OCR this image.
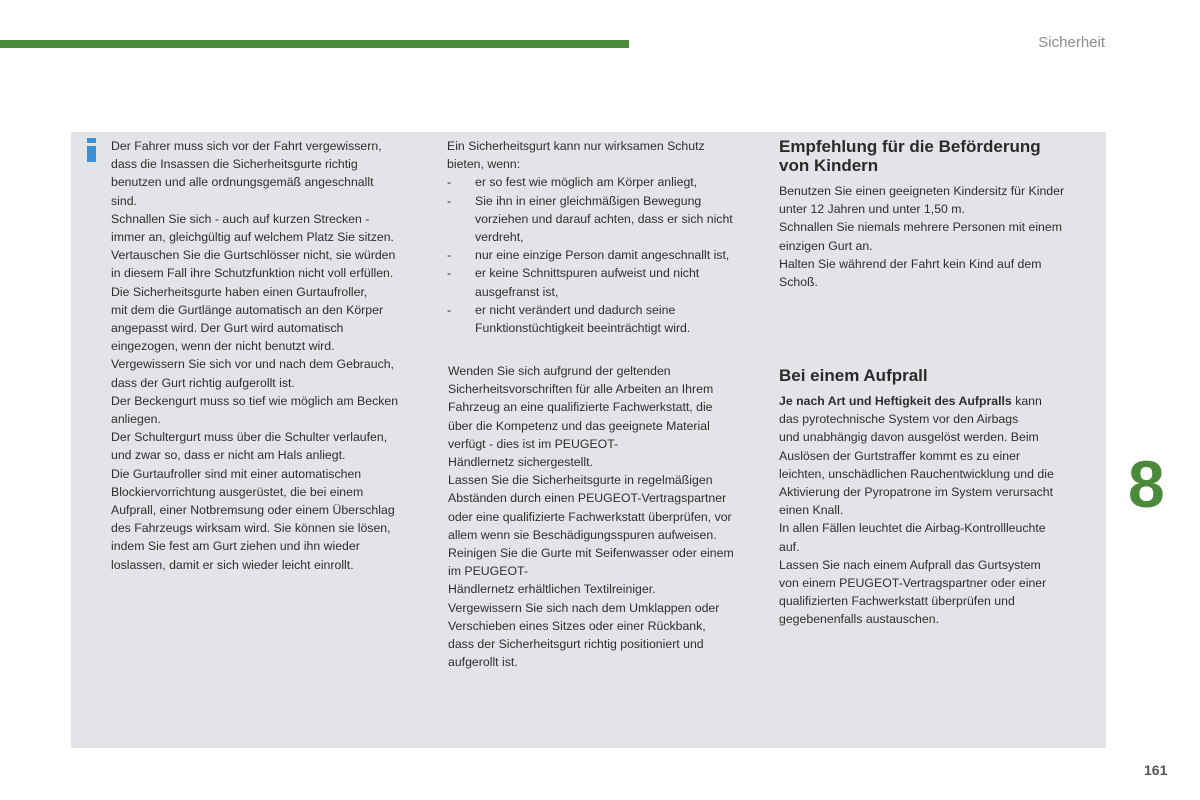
Sicherheit

Der Fahrer muss sich vor der Fahrt vergewissern,

dass die Insassen die Sicherheitsgurte richtig

benutzen und alle ordnungsgemäß angeschnallt

sind.

Schnallen Sie sich - auch auf kurzen Strecken -

immer an, gleichgültig auf welchem Platz Sie sitzen.

Vertauschen Sie die Gurtschlösser nicht, sie würden

in diesem Fall ihre Schutzfunktion nicht voll erfüllen.

Die Sicherheitsgurte haben einen Gurtaufroller,

mit dem die Gurtlänge automatisch an den Körper

angepasst wird. Der Gurt wird automatisch

eingezogen, wenn der nicht benutzt wird.

Vergewissern Sie sich vor und nach dem Gebrauch,

dass der Gurt richtig aufgerollt ist.

Der Beckengurt muss so tief wie möglich am Becken

anliegen.

Der Schultergurt muss über die Schulter verlaufen,

und zwar so, dass er nicht am Hals anliegt.

Die Gurtaufroller sind mit einer automatischen

Blockiervorrichtung ausgerüstet, die bei einem

Aufprall, einer Notbremsung oder einem Überschlag

des Fahrzeugs wirksam wird. Sie können sie lösen,

indem Sie fest am Gurt ziehen und ihn wieder

loslassen, damit er sich wieder leicht einrollt.

Ein Sicherheitsgurt kann nur wirksamen Schutz

bieten, wenn:

- er so fest wie möglich am Körper anliegt,

- Sie ihn in einer gleichmäßigen Bewegung

vorziehen und darauf achten, dass er sich nicht

verdreht,

- nur eine einzige Person damit angeschnallt ist,

- er keine Schnittspuren aufweist und nicht

ausgefranst ist,

- er nicht verändert und dadurch seine

Funktionstüchtigkeit beeinträchtigt wird.

Wenden Sie sich aufgrund der geltenden

Sicherheitsvorschriften für alle Arbeiten an Ihrem

Fahrzeug an eine qualifizierte Fachwerkstatt, die

über die Kompetenz und das geeignete Material

verfügt - dies ist im PEUGEOT-

Händlernetz sichergestellt.

Lassen Sie die Sicherheitsgurte in regelmäßigen

Abständen durch einen PEUGEOT-Vertragspartner

oder eine qualifizierte Fachwerkstatt überprüfen, vor

allem wenn sie Beschädigungsspuren aufweisen.

Reinigen Sie die Gurte mit Seifenwasser oder einem

im PEUGEOT-

Händlernetz erhältlichen Textilreiniger.

Vergewissern Sie sich nach dem Umklappen oder

Verschieben eines Sitzes oder einer Rückbank,

dass der Sicherheitsgurt richtig positioniert und

aufgerollt ist.

Empfehlung für die Beförderung
von Kindern

Benutzen Sie einen geeigneten Kindersitz für Kinder

unter 12 Jahren und unter 1,50 m.

Schnallen Sie niemals mehrere Personen mit einem

einzigen Gurt an.

Halten Sie während der Fahrt kein Kind auf dem

Schoß.

Bei einem Aufprall

Je nach Art und Heftigkeit des Aufpralls kann

das pyrotechnische System vor den Airbags

und unabhängig davon ausgelöst werden. Beim

Auslösen der Gurtstraffer kommt es zu einer

leichten, unschädlichen Rauchentwicklung und die

Aktivierung der Pyropatrone im System verursacht

einen Knall.

In allen Fällen leuchtet die Airbag-Kontrollleuchte

auf.

Lassen Sie nach einem Aufprall das Gurtsystem

von einem PEUGEOT-Vertragspartner oder einer

qualifizierten Fachwerkstatt überprüfen und

gegebenenfalls austauschen.

8
161
